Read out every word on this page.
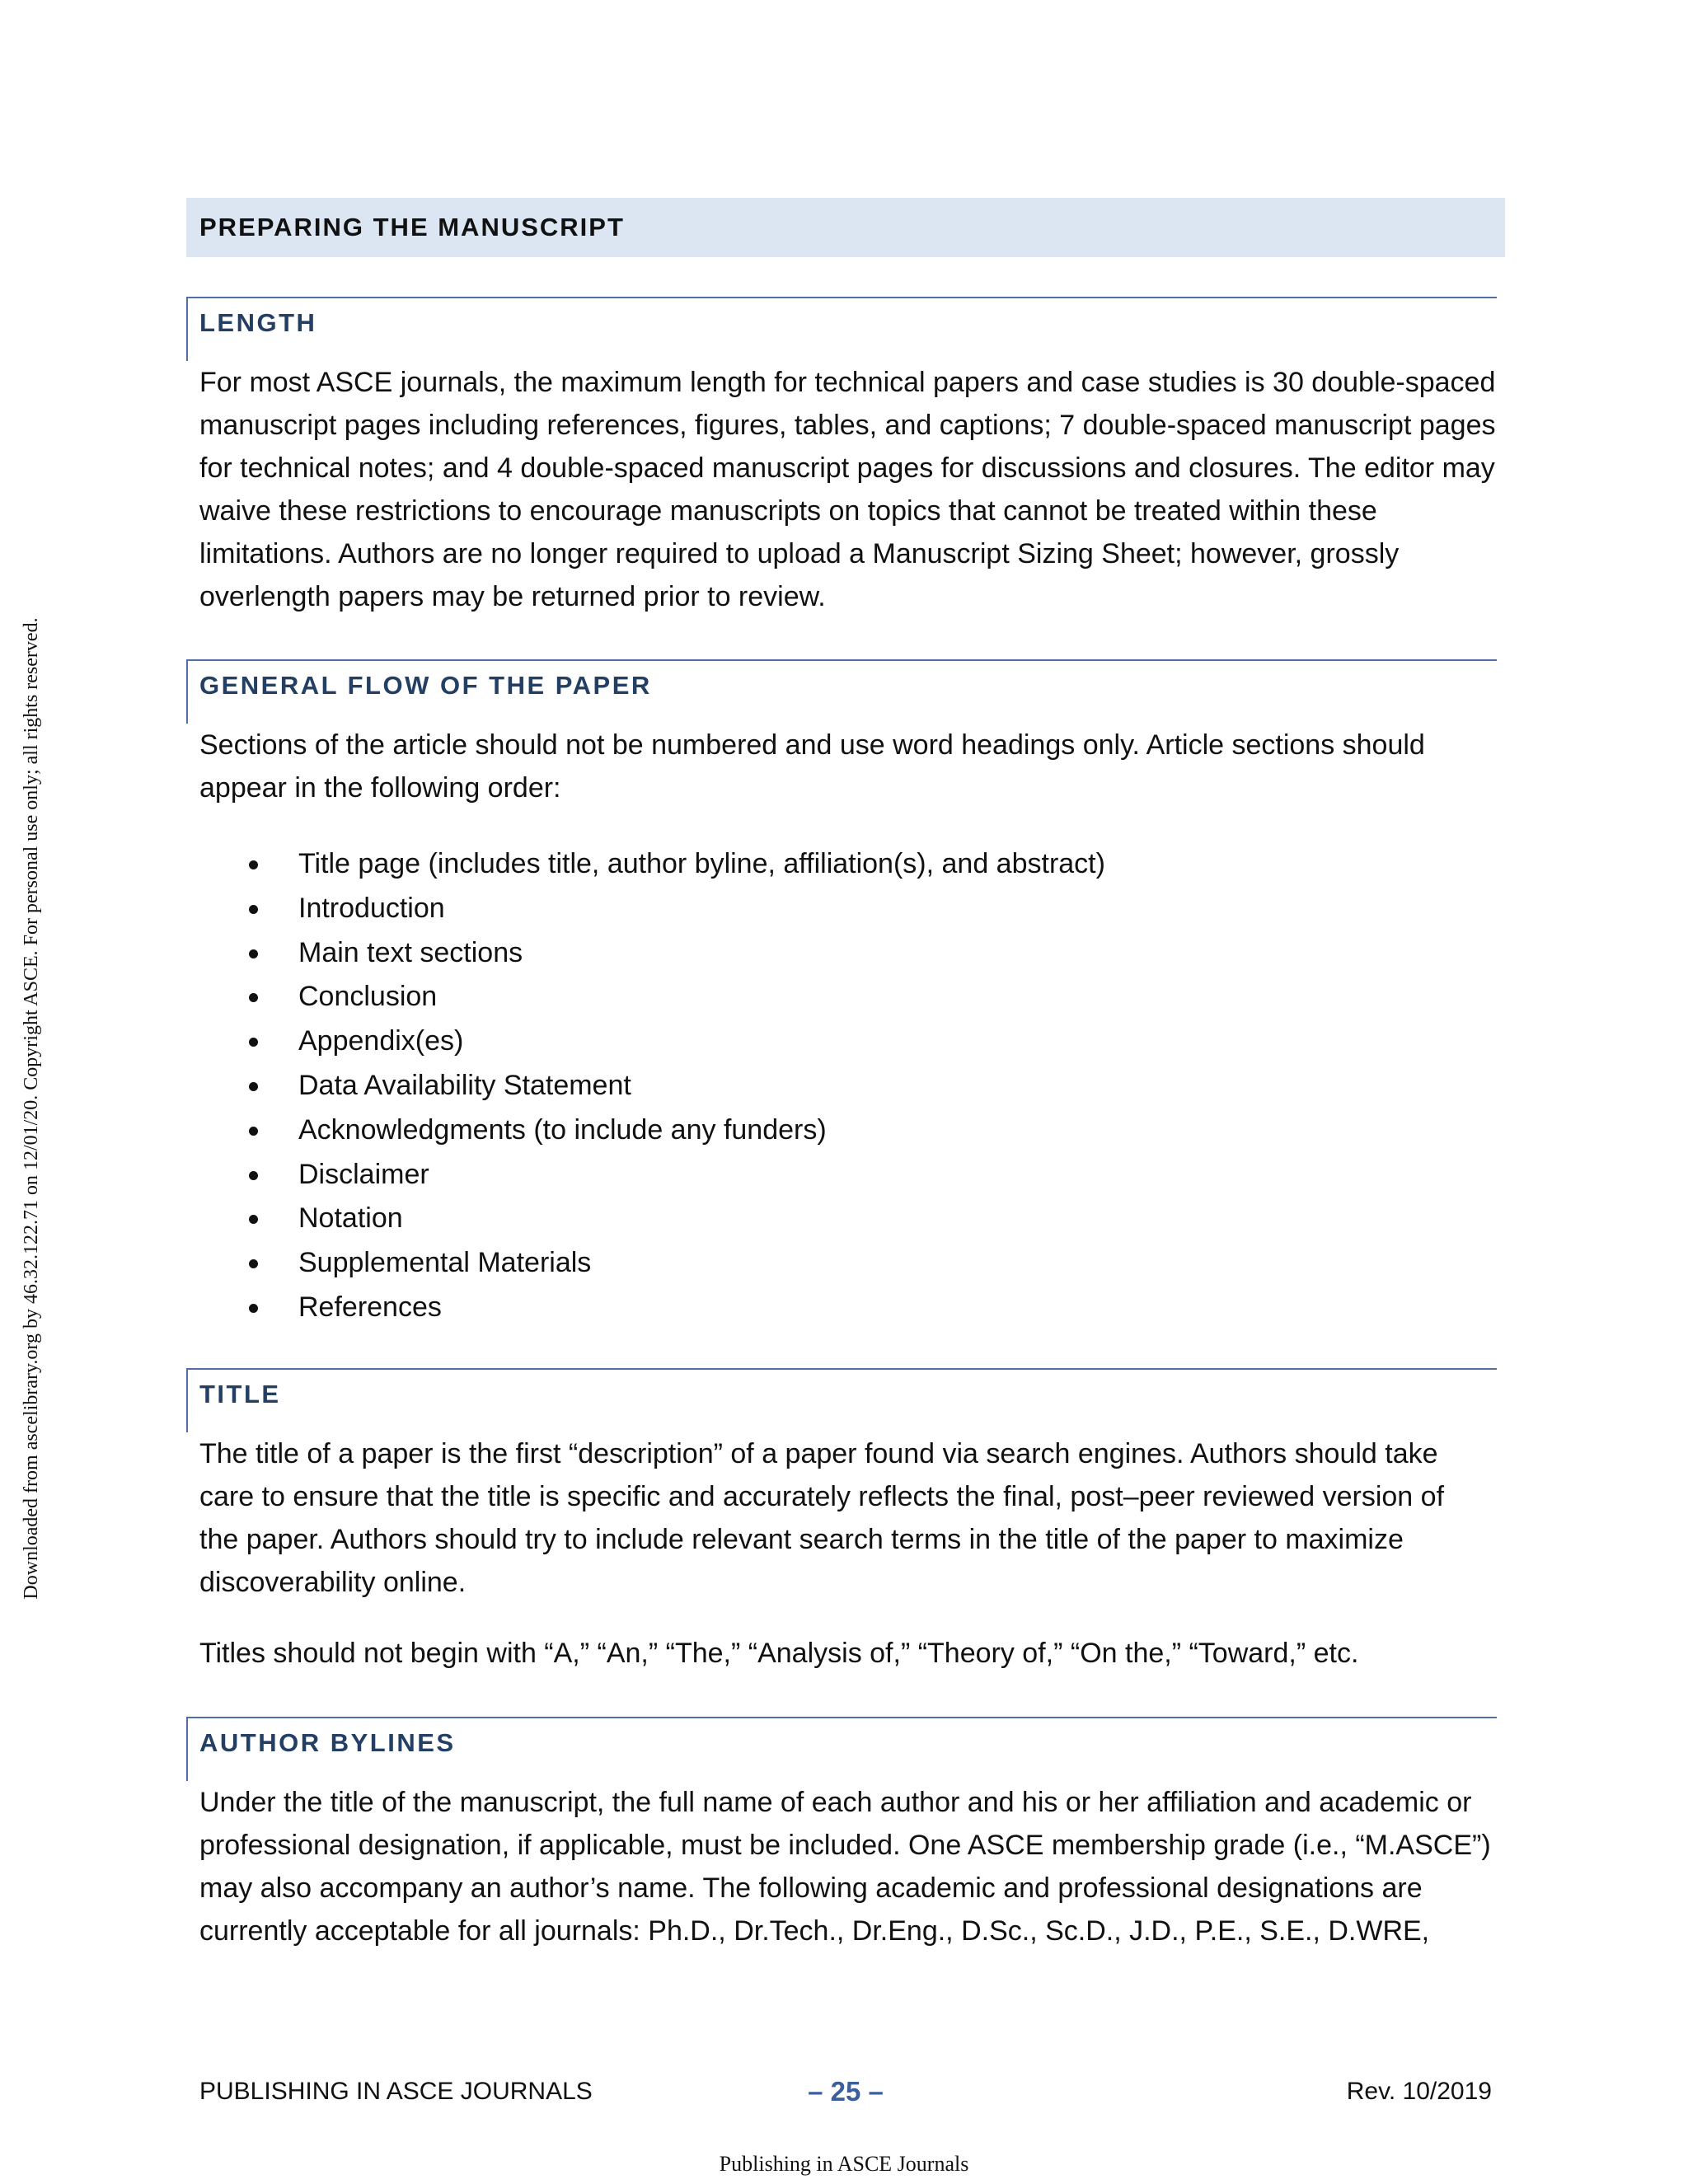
Downloaded from ascelibrary.org by 46.32.122.71 on 12/01/20. Copyright ASCE. For personal use only; all rights reserved.
PREPARING THE MANUSCRIPT
LENGTH

For most ASCE journals, the maximum length for technical papers and case studies is 30 double-spaced manuscript pages including references, figures, tables, and captions; 7 double-spaced manuscript pages for technical notes; and 4 double-spaced manuscript pages for discussions and closures. The editor may waive these restrictions to encourage manuscripts on topics that cannot be treated within these limitations. Authors are no longer required to upload a Manuscript Sizing Sheet; however, grossly overlength papers may be returned prior to review.

GENERAL FLOW OF THE PAPER

Sections of the article should not be numbered and use word headings only. Article sections should appear in the following order:

Title page (includes title, author byline, affiliation(s), and abstract)
Introduction
Main text sections
Conclusion
Appendix(es)
Data Availability Statement
Acknowledgments (to include any funders)
Disclaimer
Notation
Supplemental Materials
References
TITLE

The title of a paper is the first “description” of a paper found via search engines. Authors should take care to ensure that the title is specific and accurately reflects the final, post–peer reviewed version of the paper. Authors should try to include relevant search terms in the title of the paper to maximize discoverability online.

Titles should not begin with “A,” “An,” “The,” “Analysis of,” “Theory of,” “On the,” “Toward,” etc.

AUTHOR BYLINES

Under the title of the manuscript, the full name of each author and his or her affiliation and academic or professional designation, if applicable, must be included. One ASCE membership grade (i.e., “M.ASCE”) may also accompany an author’s name. The following academic and professional designations are currently acceptable for all journals: Ph.D., Dr.Tech., Dr.Eng., D.Sc., Sc.D., J.D., P.E., S.E., D.WRE,

PUBLISHING IN ASCE JOURNALS	– 25 –	Rev. 10/2019
Publishing in ASCE Journals
